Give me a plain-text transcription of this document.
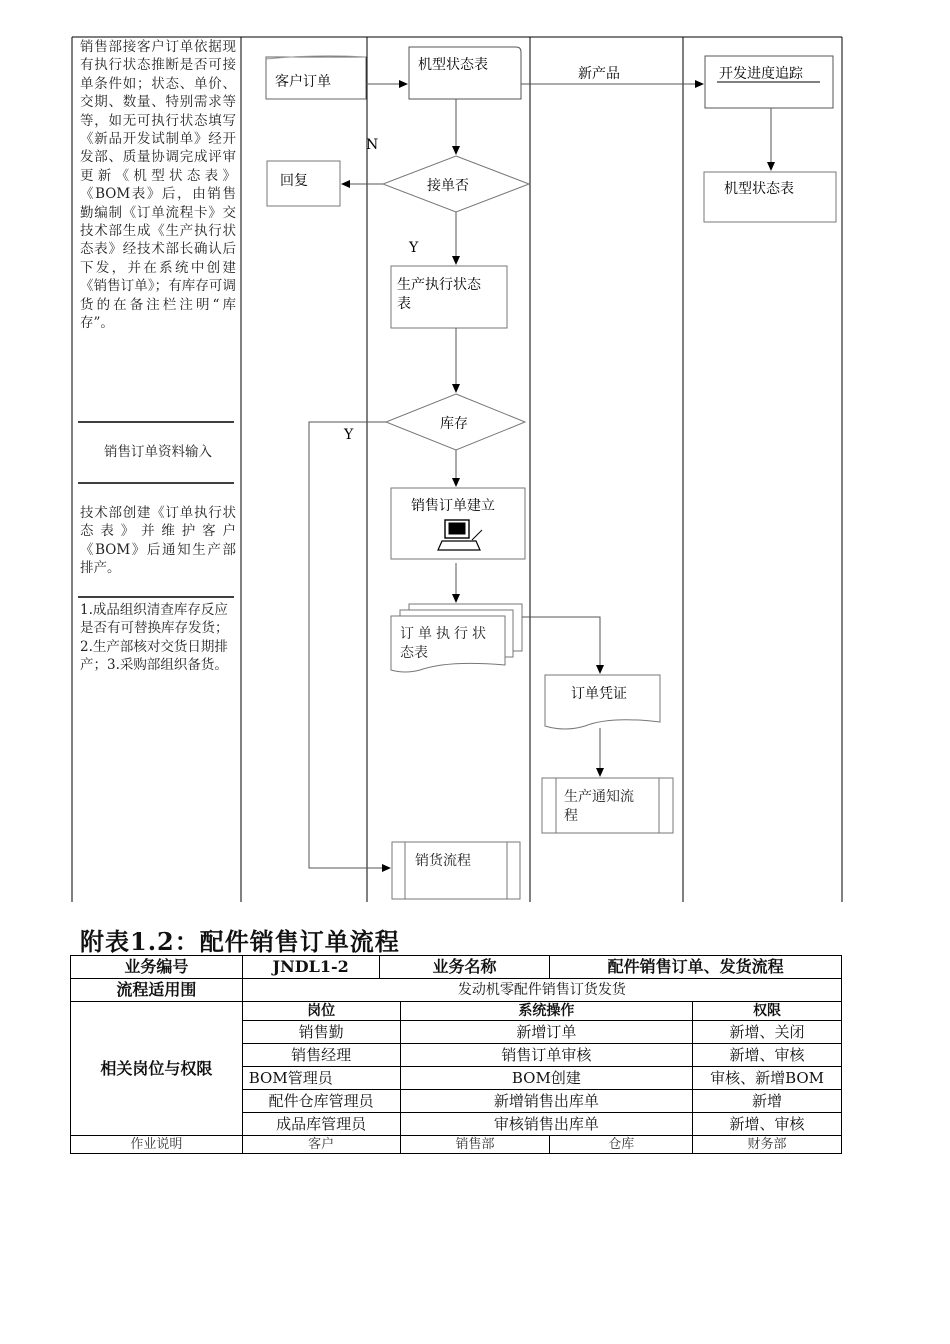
客户订单
机型状态表
开发进度追踪
机型状态表
回复	接单否
生产执行状态
表
库存
销售订单建立
订单执行状
态表
订单凭证
生产通知流
程
销货流程
新产品
N
Y
Y
销售部接客户订单依据现有执行状态推断是否可接单条件如；状态、单价、交期、数量、特别需求等等，如无可执行状态填写《新品开发试制单》经开发部、质量协调完成评审更新《机型状态表》《BOM表》后，由销售勤编制《订单流程卡》交技术部生成《生产执行状态表》经技术部长确认后下发，并在系统中创建《销售订单》；有库存可调货的在备注栏注明“库存”。
销售订单资料输入
技术部创建《订单执行状态表》并维护客户《BOM》后通知生产部排产。
1.成品组织清查库存反应是否有可替换库存发货；2.生产部核对交货日期排产；3.采购部组织备货。
附表1.2：配件销售订单流程
业务编号	JNDL1-2	业务名称		配件销售订单、发货流程	
流程适用围	发动机零配件销售订货发货				
相关岗位与权限	岗位		系统操作		权限
	销售勤		新增订单		新增、关闭
	销售经理		销售订单审核		新增、审核
	BOM管理员		BOM创建		审核、新增BOM
	配件仓库管理员		新增销售出库单		新增
	成品库管理员		审核销售出库单		新增、审核
作业说明	客户		销售部	仓库	财务部
